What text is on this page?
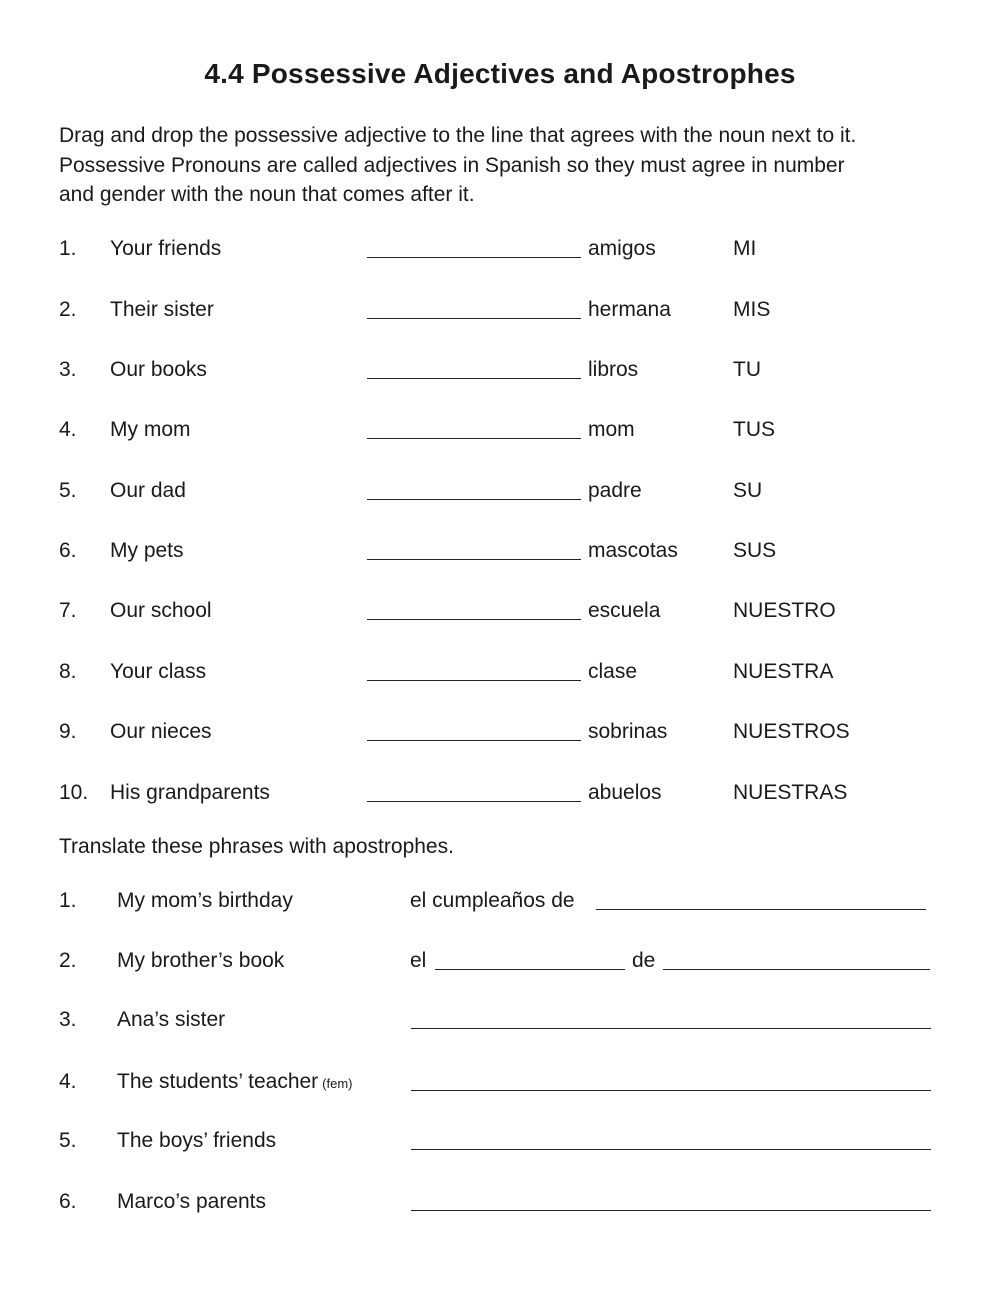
4.4 Possessive Adjectives and Apostrophes
Drag and drop the possessive adjective to the line that agrees with the noun next to it.
Possessive Pronouns are called adjectives in Spanish so they must agree in number
and gender with the noun that comes after it.
1. Your friends	amigos	MI
2. Their sister	hermana	MIS
3. Our books	libros	TU
4. My mom	mom	TUS
5. Our dad	padre	SU
6. My pets	mascotas	SUS
7. Our school	escuela	NUESTRO
8. Your class	clase	NUESTRA
9. Our nieces	sobrinas	NUESTROS
10. His grandparents	abuelos	NUESTRAS
Translate these phrases with apostrophes.
1. My mom’s birthday	el cumpleaños de
2. My brother’s book	el	de
3. Ana’s sister
4. The students’ teacher (fem)
5. The boys’ friends
6. Marco’s parents
